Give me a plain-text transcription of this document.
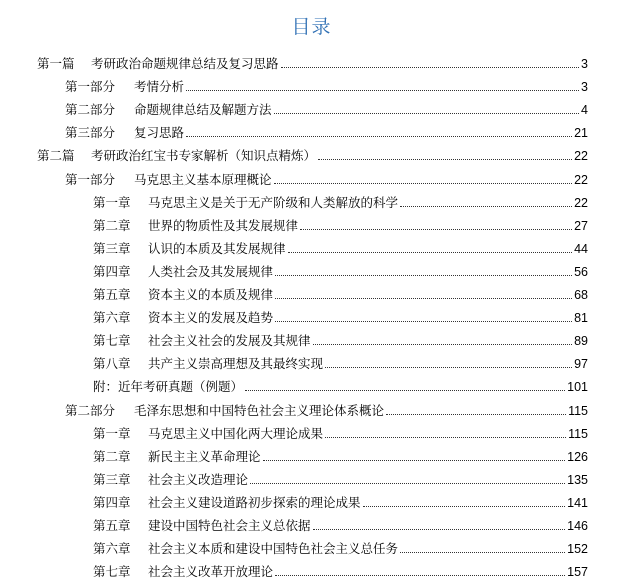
目录
第一篇 考研政治命题规律总结及复习思路	3
第一部分 考情分析	3
第二部分 命题规律总结及解题方法	4
第三部分 复习思路	21
第二篇 考研政治红宝书专家解析（知识点精炼）	22
第一部分 马克思主义基本原理概论	22
第一章 马克思主义是关于无产阶级和人类解放的科学	22
第二章 世界的物质性及其发展规律	27
第三章 认识的本质及其发展规律	44
第四章 人类社会及其发展规律	56
第五章 资本主义的本质及规律	68
第六章 资本主义的发展及趋势	81
第七章 社会主义社会的发展及其规律	89
第八章 共产主义崇高理想及其最终实现	97
附：近年考研真题（例题）	101
第二部分 毛泽东思想和中国特色社会主义理论体系概论	115
第一章 马克思主义中国化两大理论成果	115
第二章 新民主主义革命理论	126
第三章 社会主义改造理论	135
第四章 社会主义建设道路初步探索的理论成果	141
第五章 建设中国特色社会主义总依据	146
第六章 社会主义本质和建设中国特色社会主义总任务	152
第七章 社会主义改革开放理论	157
